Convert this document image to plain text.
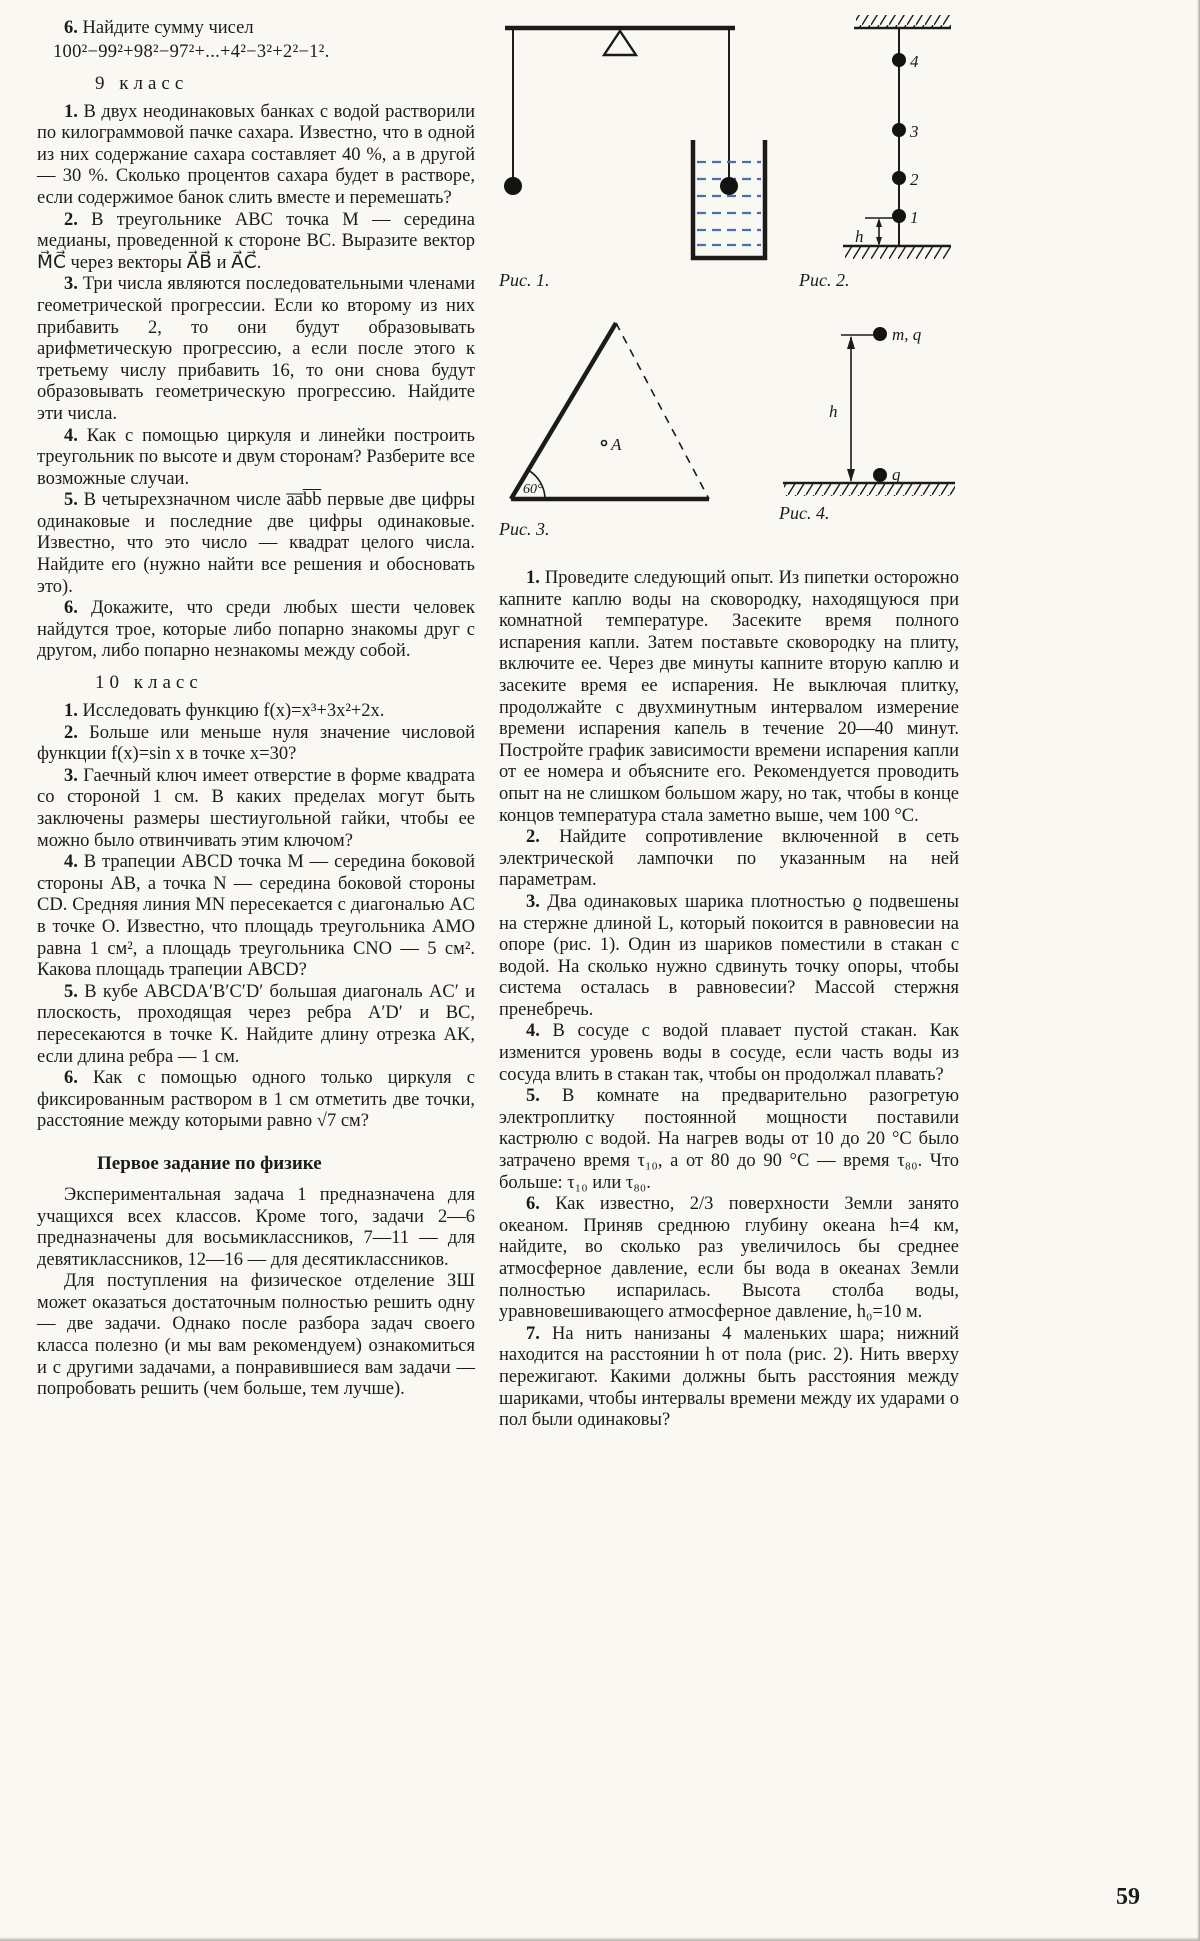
6. Найдите сумму чисел

100²−99²+98²−97²+...+4²−3²+2²−1².

9 класс

1. В двух неодинаковых банках с водой растворили по килограммовой пачке сахара. Известно, что в одной из них содержание сахара составляет 40 %, а в другой — 30 %. Сколько процентов сахара будет в растворе, если содержимое банок слить вместе и перемешать?

2. В треугольнике ABC точка M — середина медианы, проведенной к стороне BC. Выразите вектор M⃗C⃗ через векторы A⃗B⃗ и A⃗C⃗.

3. Три числа являются последовательными членами геометрической прогрессии. Если ко второму из них прибавить 2, то они будут образовывать арифметическую прогрессию, а если после этого к третьему числу прибавить 16, то они снова будут образовывать геометрическую прогрессию. Найдите эти числа.

4. Как с помощью циркуля и линейки построить треугольник по высоте и двум сторонам? Разберите все возможные случаи.

5. В четырехзначном числе a̅a̅b̅b̅ первые две цифры одинаковые и последние две цифры одинаковые. Известно, что это число — квадрат целого числа. Найдите его (нужно найти все решения и обосновать это).

6. Докажите, что среди любых шести человек найдутся трое, которые либо попарно знакомы друг с другом, либо попарно незнакомы между собой.

10 класс

1. Исследовать функцию f(x)=x³+3x²+2x.

2. Больше или меньше нуля значение числовой функции f(x)=sin x в точке x=30?

3. Гаечный ключ имеет отверстие в форме квадрата со стороной 1 см. В каких пределах могут быть заключены размеры шестиугольной гайки, чтобы ее можно было отвинчивать этим ключом?

4. В трапеции ABCD точка M — середина боковой стороны AB, а точка N — середина боковой стороны CD. Средняя линия MN пересекается с диагональю AC в точке O. Известно, что площадь треугольника AMO равна 1 см², а площадь треугольника CNO — 5 см². Какова площадь трапеции ABCD?

5. В кубе ABCDA′B′C′D′ большая диагональ AC′ и плоскость, проходящая через ребра A′D′ и BC, пересекаются в точке K. Найдите длину отрезка AK, если длина ребра — 1 см.

6. Как с помощью одного только циркуля с фиксированным раствором в 1 см отметить две точки, расстояние между которыми равно √7 см?

Первое задание по физике

Экспериментальная задача 1 предназначена для учащихся всех классов. Кроме того, задачи 2—6 предназначены для восьмиклассников, 7—11 — для девятиклассников, 12—16 — для десятиклассников.

Для поступления на физическое отделение ЗШ может оказаться достаточным полностью решить одну — две задачи. Однако после разбора задач своего класса полезно (и мы вам рекомендуем) ознакомиться и с другими задачами, а понравившиеся вам задачи — попробовать решить (чем больше, тем лучше).

Рис. 1.
4
3
2
1
h
Рис. 2.
60°
A
Рис. 3.
m, q
h
q
Рис. 4.

1. Проведите следующий опыт. Из пипетки осторожно капните каплю воды на сковородку, находящуюся при комнатной температуре. Засеките время полного испарения капли. Затем поставьте сковородку на плиту, включите ее. Через две минуты капните вторую каплю и засеките время ее испарения. Не выключая плитку, продолжайте с двухминутным интервалом измерение времени испарения капель в течение 20—40 минут. Постройте график зависимости времени испарения капли от ее номера и объясните его. Рекомендуется проводить опыт на не слишком большом жару, но так, чтобы в конце концов температура стала заметно выше, чем 100 °C.

2. Найдите сопротивление включенной в сеть электрической лампочки по указанным на ней параметрам.

3. Два одинаковых шарика плотностью ϱ подвешены на стержне длиной L, который покоится в равновесии на опоре (рис. 1). Один из шариков поместили в стакан с водой. На сколько нужно сдвинуть точку опоры, чтобы система осталась в равновесии? Массой стержня пренебречь.

4. В сосуде с водой плавает пустой стакан. Как изменится уровень воды в сосуде, если часть воды из сосуда влить в стакан так, чтобы он продолжал плавать?

5. В комнате на предварительно разогретую электроплитку постоянной мощности поставили кастрюлю с водой. На нагрев воды от 10 до 20 °C было затрачено время τ₁₀, а от 80 до 90 °C — время τ₈₀. Что больше: τ₁₀ или τ₈₀.

6. Как известно, 2/3 поверхности Земли занято океаном. Приняв среднюю глубину океана h=4 км, найдите, во сколько раз увеличилось бы среднее атмосферное давление, если бы вода в океанах Земли полностью испарилась. Высота столба воды, уравновешивающего атмосферное давление, h₀=10 м.

7. На нить нанизаны 4 маленьких шара; нижний находится на расстоянии h от пола (рис. 2). Нить вверху пережигают. Какими должны быть расстояния между шариками, чтобы интервалы времени между их ударами о пол были одинаковы?

59
